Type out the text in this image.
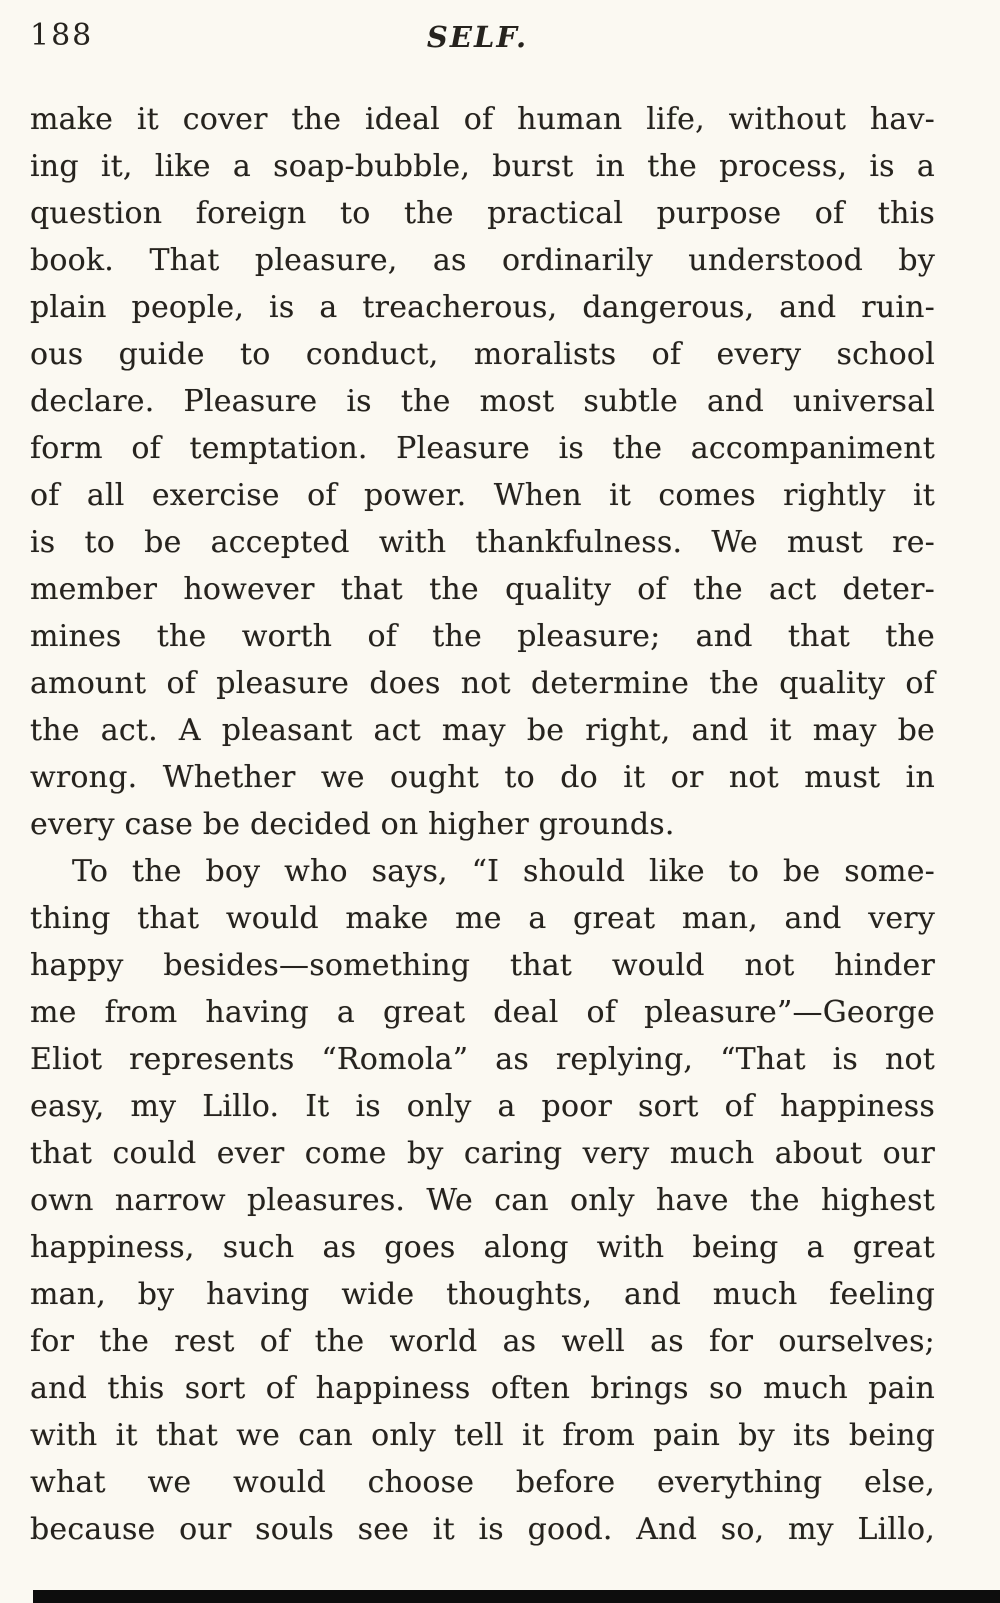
188	SELF.
make it cover the ideal of human life, without hav-
ing it, like a soap-bubble, burst in the process, is a
question foreign to the practical purpose of this
book. That pleasure, as ordinarily understood by
plain people, is a treacherous, dangerous, and ruin-
ous guide to conduct, moralists of every school
declare. Pleasure is the most subtle and universal
form of temptation. Pleasure is the accompaniment
of all exercise of power. When it comes rightly it
is to be accepted with thankfulness. We must re-
member however that the quality of the act deter-
mines the worth of the pleasure; and that the
amount of pleasure does not determine the quality of
the act. A pleasant act may be right, and it may be
wrong. Whether we ought to do it or not must in
every case be decided on higher grounds.
To the boy who says, “I should like to be some-
thing that would make me a great man, and very
happy besides—something that would not hinder
me from having a great deal of pleasure”—George
Eliot represents “Romola” as replying, “That is not
easy, my Lillo. It is only a poor sort of happiness
that could ever come by caring very much about our
own narrow pleasures. We can only have the highest
happiness, such as goes along with being a great
man, by having wide thoughts, and much feeling
for the rest of the world as well as for ourselves;
and this sort of happiness often brings so much pain
with it that we can only tell it from pain by its being
what we would choose before everything else,
because our souls see it is good. And so, my Lillo,
